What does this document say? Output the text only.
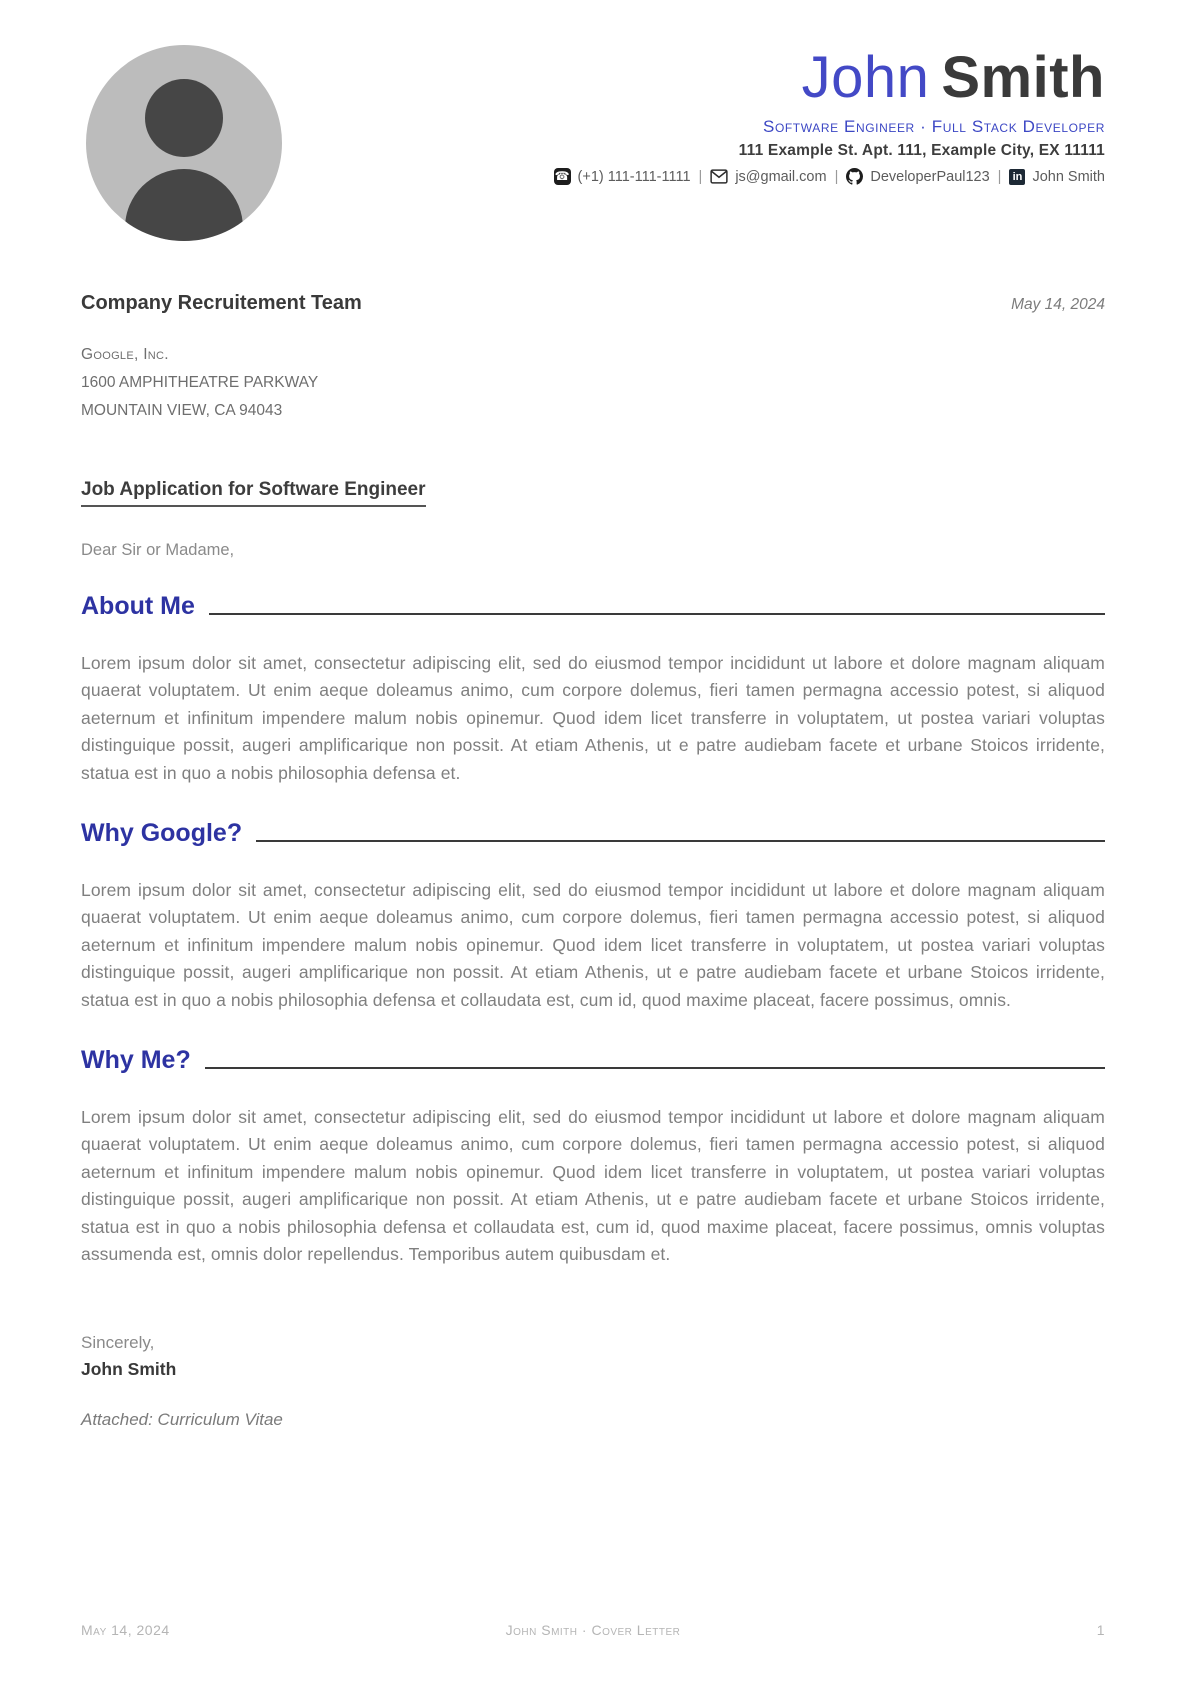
John Smith
Software Engineer · Full Stack Developer
111 Example St. Apt. 111, Example City, EX 11111
☎ (+1) 111-111-1111 | js@gmail.com | DeveloperPaul123 | in John Smith
Company Recruitement Team	May 14, 2024
Google, Inc.
1600 AMPHITHEATRE PARKWAY
MOUNTAIN VIEW, CA 94043
Job Application for Software Engineer
Dear Sir or Madame,
About Me

Lorem ipsum dolor sit amet, consectetur adipiscing elit, sed do eiusmod tempor incididunt ut labore et dolore magnam aliquam quaerat voluptatem. Ut enim aeque doleamus animo, cum corpore dolemus, fieri tamen permagna accessio potest, si aliquod aeternum et infinitum impendere malum nobis opinemur. Quod idem licet transferre in voluptatem, ut postea variari voluptas distinguique possit, augeri amplificarique non possit. At etiam Athenis, ut e patre audiebam facete et urbane Stoicos irridente, statua est in quo a nobis philosophia defensa et.

Why Google?

Lorem ipsum dolor sit amet, consectetur adipiscing elit, sed do eiusmod tempor incididunt ut labore et dolore magnam aliquam quaerat voluptatem. Ut enim aeque doleamus animo, cum corpore dolemus, fieri tamen permagna accessio potest, si aliquod aeternum et infinitum impendere malum nobis opinemur. Quod idem licet transferre in voluptatem, ut postea variari voluptas distinguique possit, augeri amplificarique non possit. At etiam Athenis, ut e patre audiebam facete et urbane Stoicos irridente, statua est in quo a nobis philosophia defensa et collaudata est, cum id, quod maxime placeat, facere possimus, omnis.

Why Me?

Lorem ipsum dolor sit amet, consectetur adipiscing elit, sed do eiusmod tempor incididunt ut labore et dolore magnam aliquam quaerat voluptatem. Ut enim aeque doleamus animo, cum corpore dolemus, fieri tamen permagna accessio potest, si aliquod aeternum et infinitum impendere malum nobis opinemur. Quod idem licet transferre in voluptatem, ut postea variari voluptas distinguique possit, augeri amplificarique non possit. At etiam Athenis, ut e patre audiebam facete et urbane Stoicos irridente, statua est in quo a nobis philosophia defensa et collaudata est, cum id, quod maxime placeat, facere possimus, omnis voluptas assumenda est, omnis dolor repellendus. Temporibus autem quibusdam et.

Sincerely,
John Smith
Attached: Curriculum Vitae
May 14, 2024	John Smith · Cover Letter	1
